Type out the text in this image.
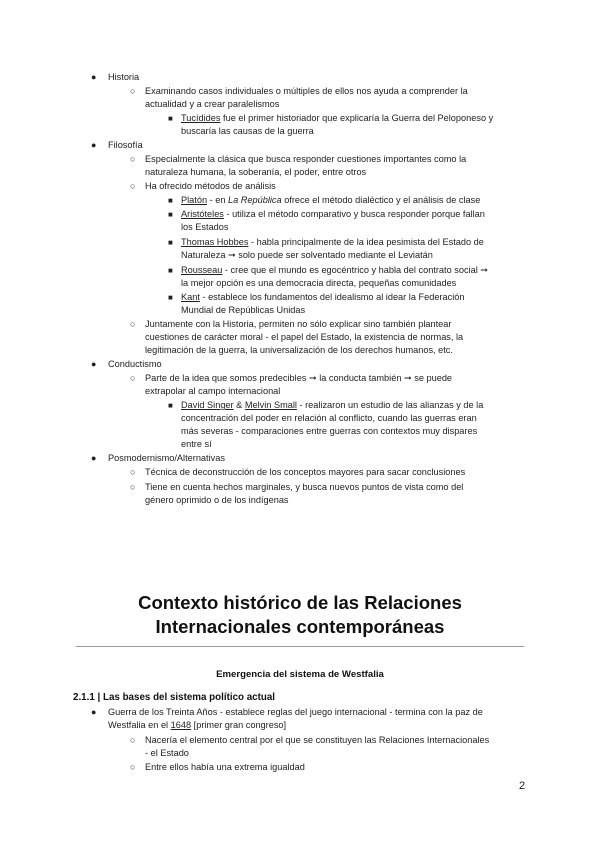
● Historia
○ Examinando casos individuales o múltiples de ellos nos ayuda a comprender la
actualidad y a crear paralelismos
■ Tucídides fue el primer historiador que explicaría la Guerra del Peloponeso y
buscaría las causas de la guerra
● Filosofía
○ Especialmente la clásica que busca responder cuestiones importantes como la
naturaleza humana, la soberanía, el poder, entre otros
○ Ha ofrecido métodos de análisis
■ Platón - en La República ofrece el método dialéctico y el análisis de clase
■ Aristóteles - utiliza el método comparativo y busca responder porque fallan
los Estados
■ Thomas Hobbes - habla principalmente de la idea pesimista del Estado de
Naturaleza ➞ solo puede ser solventado mediante el Leviatán
■ Rousseau - cree que el mundo es egocéntrico y habla del contrato social ➞
la mejor opción es una democracia directa, pequeñas comunidades
■ Kant - establece los fundamentos del idealismo al idear la Federación
Mundial de Repúblicas Unidas
○ Juntamente con la Historia, permiten no sólo explicar sino también plantear
cuestiones de carácter moral - el papel del Estado, la existencia de normas, la
legitimación de la guerra, la universalización de los derechos humanos, etc.
● Conductismo
○ Parte de la idea que somos predecibles ➞ la conducta también ➞ se puede
extrapolar al campo internacional
■ David Singer & Melvin Small - realizaron un estudio de las alianzas y de la
concentración del poder en relación al conflicto, cuando las guerras eran
más severas - comparaciones entre guerras con contextos muy dispares
entre sí
● Posmodernismo/Alternativas
○ Técnica de deconstrucción de los conceptos mayores para sacar conclusiones
○ Tiene en cuenta hechos marginales, y busca nuevos puntos de vista como del
género oprimido o de los indígenas
Contexto histórico de las Relaciones
Internacionales contemporáneas
Emergencia del sistema de Westfalia
2.1.1 | Las bases del sistema político actual
● Guerra de los Treinta Años - establece reglas del juego internacional - termina con la paz de
Westfalia en el 1648 [primer gran congreso]
○ Nacería el elemento central por el que se constituyen las Relaciones Internacionales
- el Estado
○ Entre ellos había una extrema igualdad
2
